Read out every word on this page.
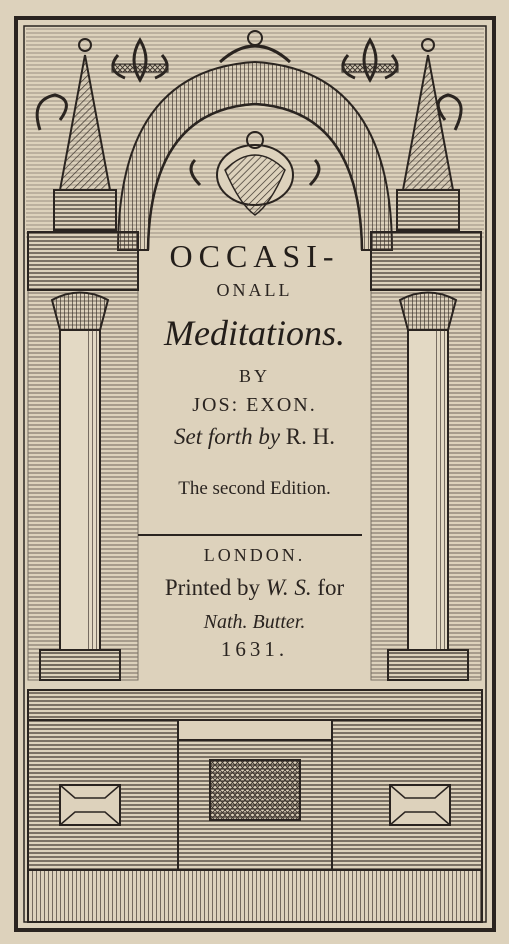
OCCASI-
ONALL
Meditations.
BY
JOS: EXON.
Set forth by R. H.
The second Edition.
LONDON.
Printed by W. S. for
Nath. Butter.
1631.
